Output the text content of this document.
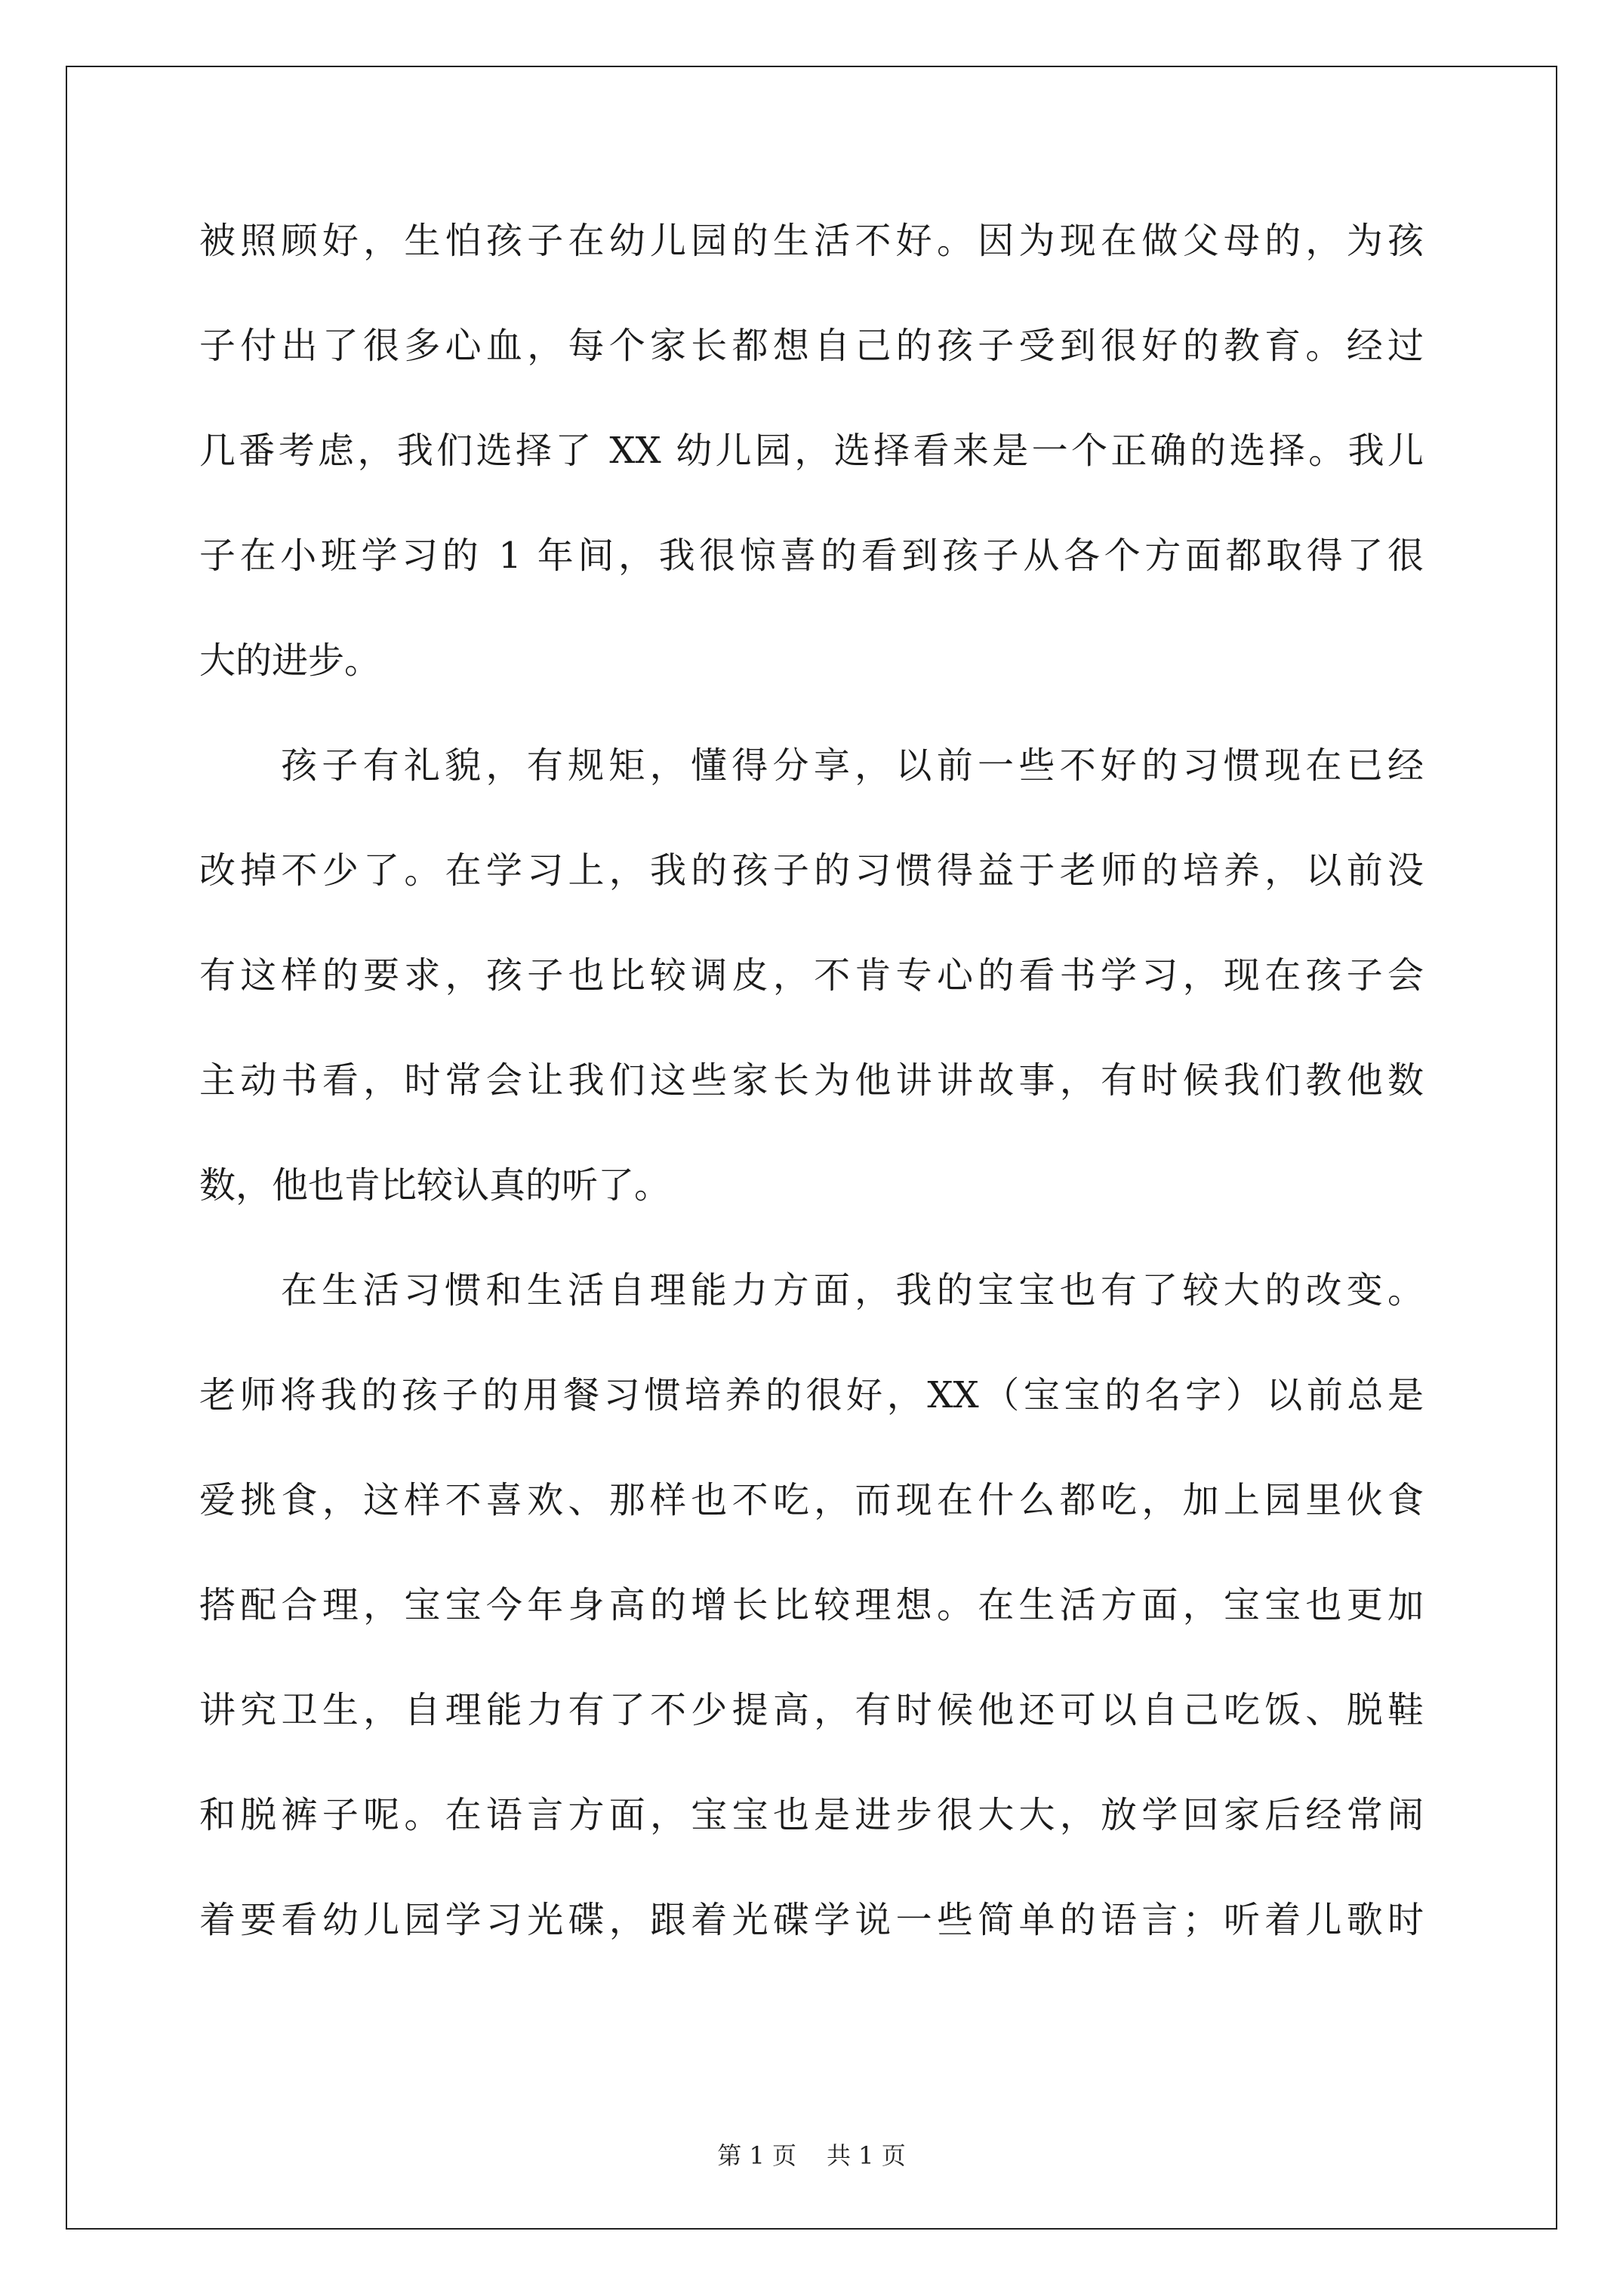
被照顾好，生怕孩子在幼儿园的生活不好。因为现在做父母的，为孩
子付出了很多心血，每个家长都想自己的孩子受到很好的教育。经过
几番考虑，我们选择了 XX 幼儿园，选择看来是一个正确的选择。我儿
子在小班学习的 1 年间，我很惊喜的看到孩子从各个方面都取得了很
大的进步。
孩子有礼貌，有规矩，懂得分享，以前一些不好的习惯现在已经
改掉不少了。在学习上，我的孩子的习惯得益于老师的培养，以前没
有这样的要求，孩子也比较调皮，不肯专心的看书学习，现在孩子会
主动书看，时常会让我们这些家长为他讲讲故事，有时候我们教他数
数，他也肯比较认真的听了。
在生活习惯和生活自理能力方面，我的宝宝也有了较大的改变。
老师将我的孩子的用餐习惯培养的很好，XX（宝宝的名字）以前总是
爱挑食，这样不喜欢、那样也不吃，而现在什么都吃，加上园里伙食
搭配合理，宝宝今年身高的增长比较理想。在生活方面，宝宝也更加
讲究卫生，自理能力有了不少提高，有时候他还可以自己吃饭、脱鞋
和脱裤子呢。在语言方面，宝宝也是进步很大大，放学回家后经常闹
着要看幼儿园学习光碟，跟着光碟学说一些简单的语言；听着儿歌时
第 1 页 共 1 页
